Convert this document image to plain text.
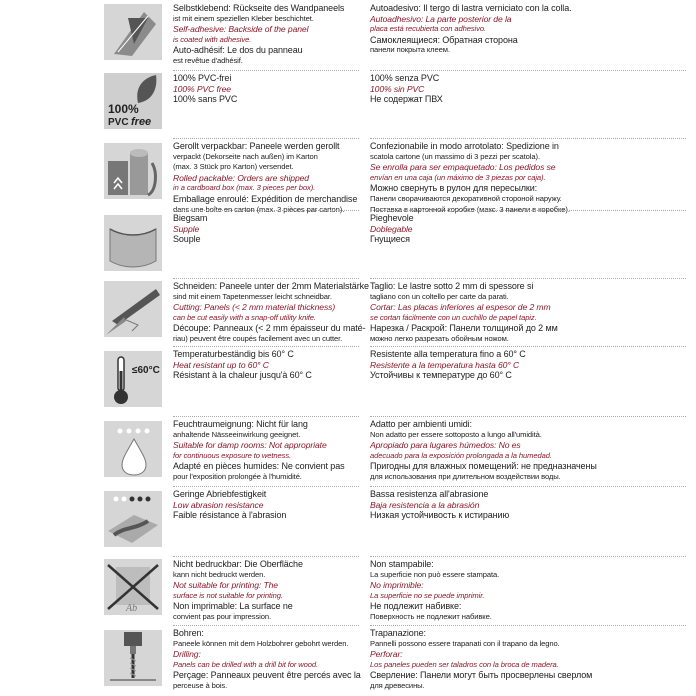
Selbstklebend: Rückseite des Wandpaneels

ist mit einem speziellen Kleber beschichtet.

Self-adhesive: Backside of the panel

is coated with adhesive.

Auto-adhésif: Le dos du panneau

est revêtue d'adhésif.

Autoadesivo: Il tergo di lastra verniciato con la colla.

Autoadhesivo: La parte posterior de la

placa está recubierta con adhesivo.

Самоклеящиеся: Обратная сторона

панели покрыта клеем.

100%
PVC free

100% PVC-frei

100% PVC free

100% sans PVC

100% senza PVC

100% sin PVC

Не содержат ПВХ

Gerollt verpackbar: Paneele werden gerollt

verpackt (Dekorseite nach außen) im Karton

(max. 3 Stück pro Karton) versendet.

Rolled packable: Orders are shipped

in a cardboard box (max. 3 pieces per box).

Emballage enroulé: Expédition de merchandise

dans une boîte en carton (max. 3 pièces par carton).

Confezionabile in modo arrotolato: Spedizione in

scatola cartone (un massimo di 3 pezzi per scatola).

Se enrolla para ser empaquetado: Los pedidos se

envían en una caja (un máximo de 3 piezas por caja).

Можно свернуть в рулон для пересылки:

Панели сворачиваются декоративной стороной наружу.

Поставка в картонной коробке (макс. 3 панели в коробке).

Biegsam

Supple

Souple

Pieghevole

Doblegable

Гнущиеся

Schneiden: Paneele unter der 2mm Materialstärke

sind mit einem Tapetenmesser leicht schneidbar.

Cutting: Panels (< 2 mm material thickness)

can be cut easily with a snap-off utility knife.

Découpe: Panneaux (< 2 mm épaisseur du maté-

riau) peuvent être coupés facilement avec un cutter.

Taglio: Le lastre sotto 2 mm di spessore si

tagliano con un coltello per carte da parati.

Cortar: Las placas inferiores al espesor de 2 mm

se cortan fácilmente con un cuchillo de papel tapiz.

Нарезка / Раскрой: Панели толщиной до 2 мм

можно легко разрезать обойным ножом.

≤60°C

Temperaturbeständig bis 60° C

Heat resistant up to 60° C

Résistant à la chaleur jusqu'à 60° C

Resistente alla temperatura fino a 60° C

Resistente a la temperatura hasta 60° C

Устойчивы к температуре до 60° C

Feuchtraumeignung: Nicht für lang

anhaltende Nässeeinwirkung geeignet.

Suitable for damp rooms: Not appropriate

for continuous exposure to wetness.

Adapté en pièces humides: Ne convient pas

pour l'exposition prolongée à l'humidité.

Adatto per ambienti umidi:

Non adatto per essere sottoposto a lungo all'umidità.

Apropiado para lugares húmedos: No es

adecuado para la exposición prolongada a la humedad.

Пригодны для влажных помещений: не предназначены

для использования при длительном воздействии воды.

Geringe Abriebfestigkeit

Low abrasion resistance

Faible résistance à l'abrasion

Bassa resistenza all'abrasione

Baja resistencia a la abrasión

Низкая устойчивость к истиранию

Ab

Nicht bedruckbar: Die Oberfläche

kann nicht bedruckt werden.

Not suitable for printing: The

surface is not suitable for printing.

Non imprimable: La surface ne

convient pas pour impression.

Non stampabile:

La superficie non può essere stampata.

No imprimible:

La superficie no se puede imprimir.

Не подлежит набивке:

Поверхность не подлежит набивке.

Bohren:

Paneele können mit dem Holzbohrer gebohrt werden.

Drilling:

Panels can be drilled with a drill bit for wood.

Perçage: Panneaux peuvent être percés avec la

perceuse à bois.

Trapanazione:

Pannelli possono essere trapanati con il trapano da legno.

Perforar:

Los paneles pueden ser taladros con la broca de madera.

Сверление: Панели могут быть просверлены сверлом

для древесины.
